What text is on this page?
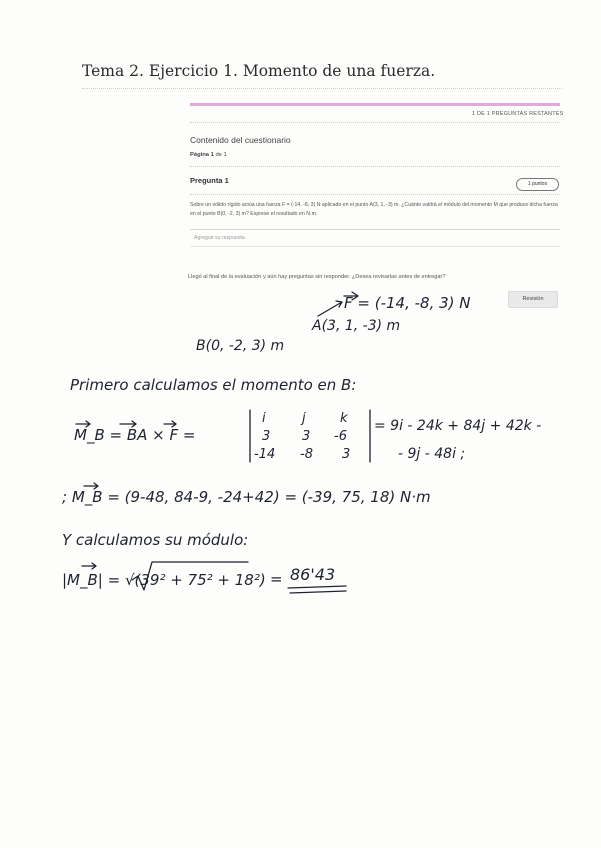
Tema 2. Ejercicio 1. Momento de una fuerza.
1 DE 1 PREGUNTAS RESTANTES
Contenido del cuestionario
Página 1 de 1
Pregunta 1	1 puntos
Sobre un sólido rígido actúa una fuerza F = (-14, -8, 3) N aplicado en el punto A(3, 1, -3) m. ¿Cuánto valdrá el módulo del momento M que produce dicha fuerza en el punto B(0, -2, 3) m? Exprese el resultado en N·m.
Agregue su respuesta
Llegó al final de la evaluación y aún hay preguntas sin responder. ¿Desea revisarlas antes de entregar?
Revisión
F = (-14, -8, 3) N
A(3, 1, -3) m
B(0, -2, 3) m
Primero calculamos el momento en B:
M_B = BA × F =
i	j	k
3 3 -6
-14 -8 3
= 9i - 24k + 84j + 42k -
- 9j - 48i ;
; M_B = (9-48, 84-9, -24+42) = (-39, 75, 18) N·m
Y calculamos su módulo:
|M_B| = √(39² + 75² + 18²) = 86'43
